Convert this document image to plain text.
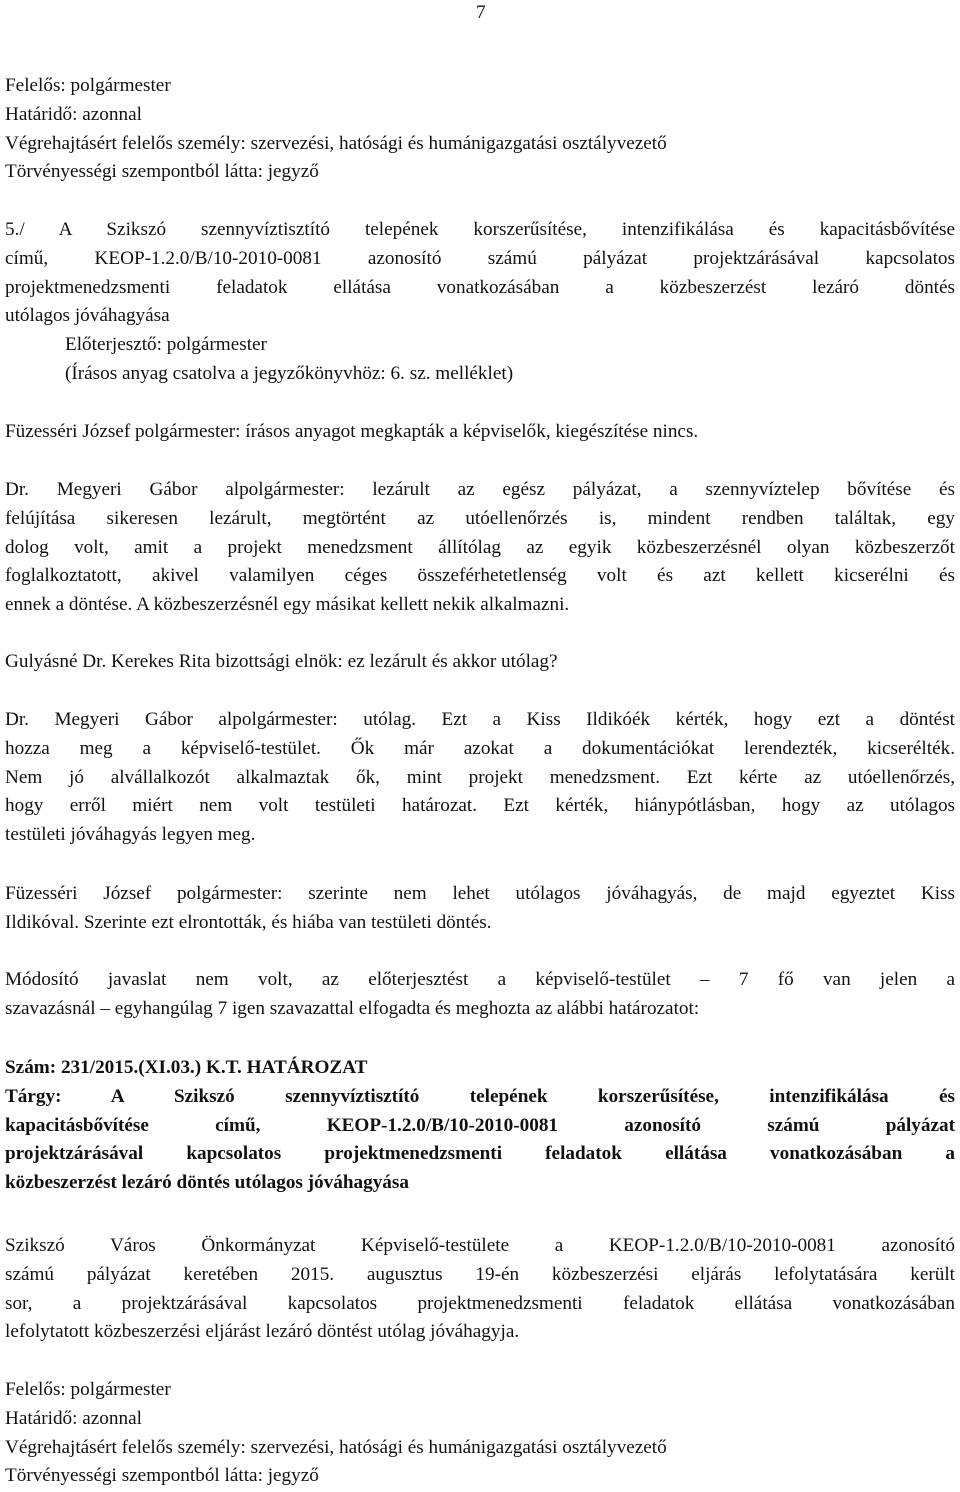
7
Felelős: polgármester
Határidő: azonnal
Végrehajtásért felelős személy: szervezési, hatósági és humánigazgatási osztályvezető
Törvényességi szempontból látta: jegyző
5./ A Szikszó szennyvíztisztító telepének korszerűsítése, intenzifikálása és kapacitásbővítése
című, KEOP-1.2.0/B/10-2010-0081 azonosító számú pályázat projektzárásával kapcsolatos
projektmenedzsmenti feladatok ellátása vonatkozásában a közbeszerzést lezáró döntés
utólagos jóváhagyása
Előterjesztő: polgármester
(Írásos anyag csatolva a jegyzőkönyvhöz: 6. sz. melléklet)
Füzesséri József polgármester: írásos anyagot megkapták a képviselők, kiegészítése nincs.
Dr. Megyeri Gábor alpolgármester: lezárult az egész pályázat, a szennyvíztelep bővítése és
felújítása sikeresen lezárult, megtörtént az utóellenőrzés is, mindent rendben találtak, egy
dolog volt, amit a projekt menedzsment állítólag az egyik közbeszerzésnél olyan közbeszerzőt
foglalkoztatott, akivel valamilyen céges összeférhetetlenség volt és azt kellett kicserélni és
ennek a döntése. A közbeszerzésnél egy másikat kellett nekik alkalmazni.
Gulyásné Dr. Kerekes Rita bizottsági elnök: ez lezárult és akkor utólag?
Dr. Megyeri Gábor alpolgármester: utólag. Ezt a Kiss Ildikóék kérték, hogy ezt a döntést
hozza meg a képviselő-testület. Ők már azokat a dokumentációkat lerendezték, kicserélték.
Nem jó alvállalkozót alkalmaztak ők, mint projekt menedzsment. Ezt kérte az utóellenőrzés,
hogy erről miért nem volt testületi határozat. Ezt kérték, hiánypótlásban, hogy az utólagos
testületi jóváhagyás legyen meg.
Füzesséri József polgármester: szerinte nem lehet utólagos jóváhagyás, de majd egyeztet Kiss
Ildikóval. Szerinte ezt elrontották, és hiába van testületi döntés.
Módosító javaslat nem volt, az előterjesztést a képviselő-testület – 7 fő van jelen a
szavazásnál – egyhangúlag 7 igen szavazattal elfogadta és meghozta az alábbi határozatot:
Szám: 231/2015.(XI.03.) K.T. HATÁROZAT
Tárgy: A Szikszó szennyvíztisztító telepének korszerűsítése, intenzifikálása és
kapacitásbővítése című, KEOP-1.2.0/B/10-2010-0081 azonosító számú pályázat
projektzárásával kapcsolatos projektmenedzsmenti feladatok ellátása vonatkozásában a
közbeszerzést lezáró döntés utólagos jóváhagyása
Szikszó Város Önkormányzat Képviselő-testülete a KEOP-1.2.0/B/10-2010-0081 azonosító
számú pályázat keretében 2015. augusztus 19-én közbeszerzési eljárás lefolytatására került
sor, a projektzárásával kapcsolatos projektmenedzsmenti feladatok ellátása vonatkozásában
lefolytatott közbeszerzési eljárást lezáró döntést utólag jóváhagyja.
Felelős: polgármester
Határidő: azonnal
Végrehajtásért felelős személy: szervezési, hatósági és humánigazgatási osztályvezető
Törvényességi szempontból látta: jegyző
